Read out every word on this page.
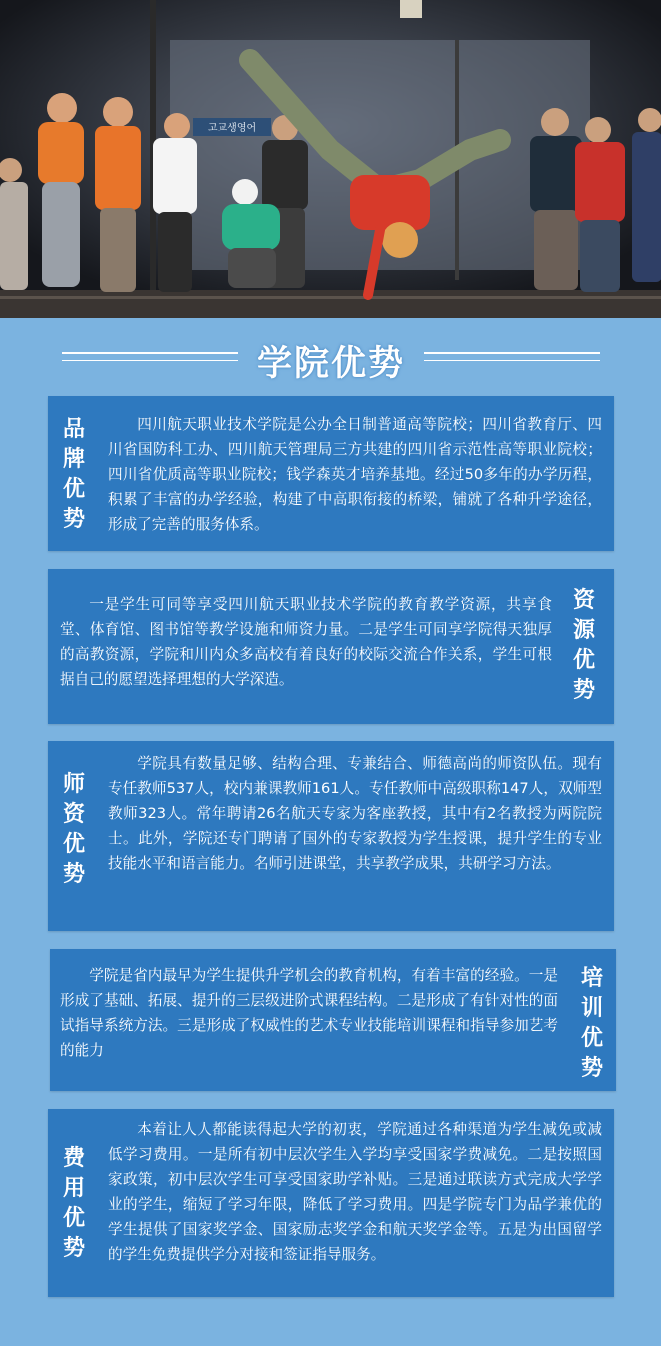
고교생영어
学院优势
品牌优势
四川航天职业技术学院是公办全日制普通高等院校；四川省教育厅、四川省国防科工办、四川航天管理局三方共建的四川省示范性高等职业院校；四川省优质高等职业院校；钱学森英才培养基地。经过50多年的办学历程，积累了丰富的办学经验，构建了中高职衔接的桥梁，铺就了各种升学途径，形成了完善的服务体系。
一是学生可同等享受四川航天职业技术学院的教育教学资源，共享食堂、体育馆、图书馆等教学设施和师资力量。二是学生可同享学院得天独厚的高教资源，学院和川内众多高校有着良好的校际交流合作关系，学生可根据自己的愿望选择理想的大学深造。
资源优势
师资优势
学院具有数量足够、结构合理、专兼结合、师德高尚的师资队伍。现有专任教师537人，校内兼课教师161人。专任教师中高级职称147人，双师型教师323人。常年聘请26名航天专家为客座教授，其中有2名教授为两院院士。此外，学院还专门聘请了国外的专家教授为学生授课，提升学生的专业技能水平和语言能力。名师引进课堂，共享教学成果，共研学习方法。
学院是省内最早为学生提供升学机会的教育机构，有着丰富的经验。一是形成了基础、拓展、提升的三层级进阶式课程结构。二是形成了有针对性的面试指导系统方法。三是形成了权威性的艺术专业技能培训课程和指导参加艺考的能力
培训优势
费用优势
本着让人人都能读得起大学的初衷，学院通过各种渠道为学生减免或减低学习费用。一是所有初中层次学生入学均享受国家学费减免。二是按照国家政策，初中层次学生可享受国家助学补贴。三是通过联读方式完成大学学业的学生，缩短了学习年限，降低了学习费用。四是学院专门为品学兼优的学生提供了国家奖学金、国家励志奖学金和航天奖学金等。五是为出国留学的学生免费提供学分对接和签证指导服务。
